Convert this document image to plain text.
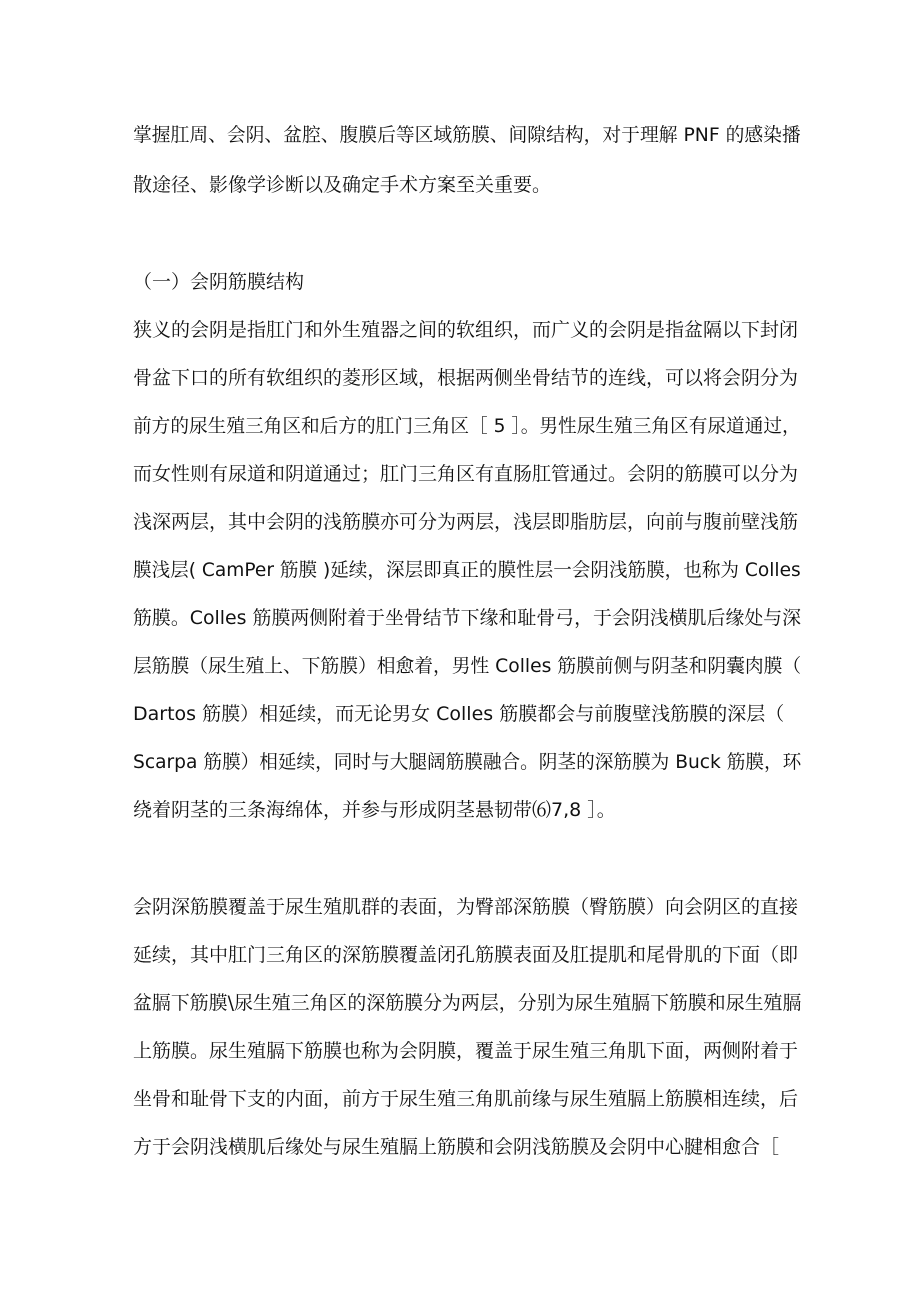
掌握肛周、会阴、盆腔、腹膜后等区域筋膜、间隙结构，对于理解 PNF 的感染播

散途径、影像学诊断以及确定手术方案至关重要。

（一）会阴筋膜结构

狭义的会阴是指肛门和外生殖器之间的软组织，而广义的会阴是指盆隔以下封闭

骨盆下口的所有软组织的菱形区域，根据两侧坐骨结节的连线，可以将会阴分为

前方的尿生殖三角区和后方的肛门三角区［ 5 ］。男性尿生殖三角区有尿道通过，

而女性则有尿道和阴道通过；肛门三角区有直肠肛管通过。会阴的筋膜可以分为

浅深两层，其中会阴的浅筋膜亦可分为两层，浅层即脂肪层，向前与腹前壁浅筋

膜浅层( CamPer 筋膜 )延续，深层即真正的膜性层一会阴浅筋膜，也称为 Colles

筋膜。Colles 筋膜两侧附着于坐骨结节下缘和耻骨弓，于会阴浅横肌后缘处与深

层筋膜（尿生殖上、下筋膜）相愈着，男性 Colles 筋膜前侧与阴茎和阴囊肉膜（

Dartos 筋膜）相延续，而无论男女 Colles 筋膜都会与前腹壁浅筋膜的深层（

Scarpa 筋膜）相延续，同时与大腿阔筋膜融合。阴茎的深筋膜为 Buck 筋膜，环

绕着阴茎的三条海绵体，并参与形成阴茎悬韧带⑹7,8 ］。

会阴深筋膜覆盖于尿生殖肌群的表面，为臀部深筋膜（臀筋膜）向会阴区的直接

延续，其中肛门三角区的深筋膜覆盖闭孔筋膜表面及肛提肌和尾骨肌的下面（即

盆膈下筋膜\尿生殖三角区的深筋膜分为两层，分别为尿生殖膈下筋膜和尿生殖膈

上筋膜。尿生殖膈下筋膜也称为会阴膜，覆盖于尿生殖三角肌下面，两侧附着于

坐骨和耻骨下支的内面，前方于尿生殖三角肌前缘与尿生殖膈上筋膜相连续，后

方于会阴浅横肌后缘处与尿生殖膈上筋膜和会阴浅筋膜及会阴中心腱相愈合［
